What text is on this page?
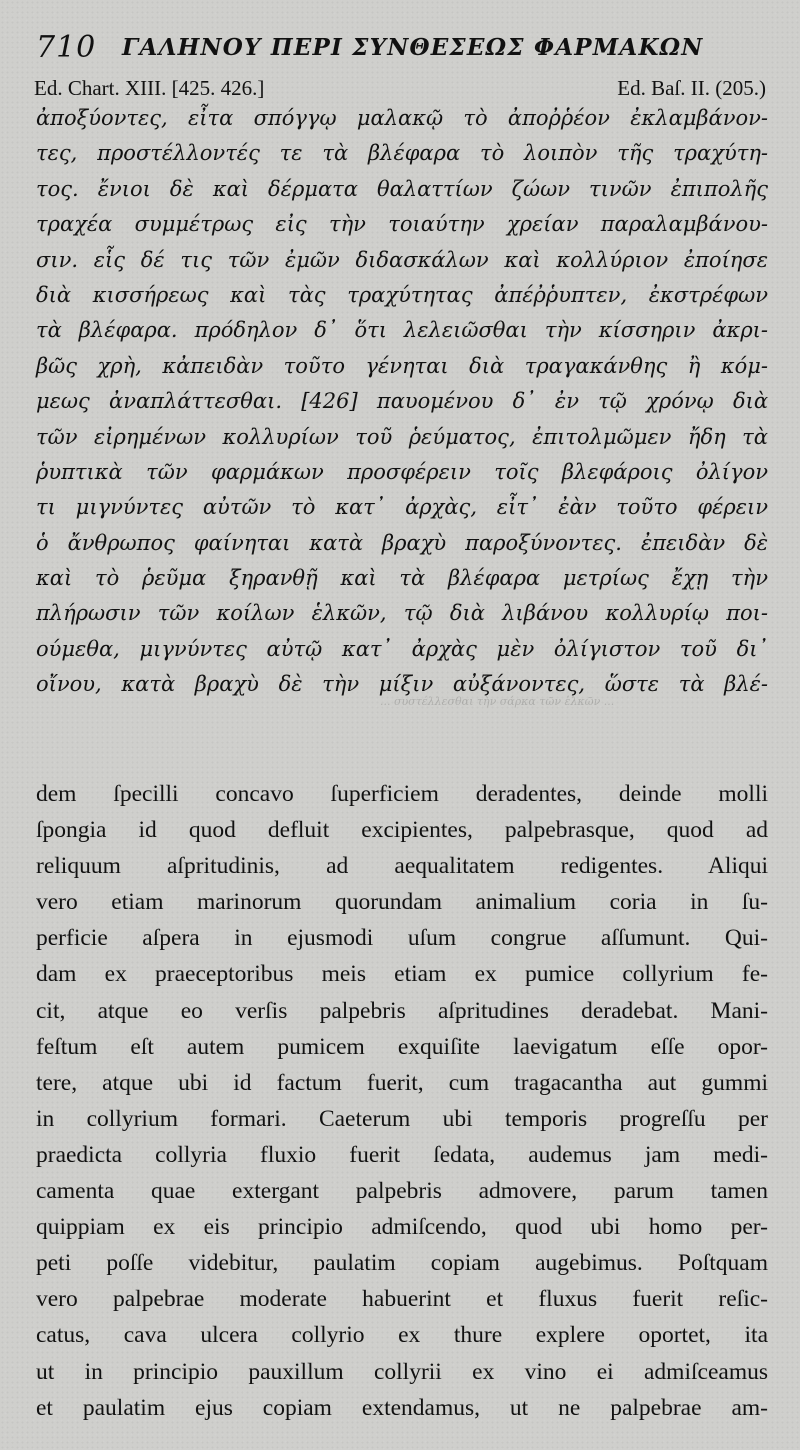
710 ΓΑΛΗΝΟΥ ΠΕΡΙ ΣΥΝΘΕΣΕΩΣ ΦΑΡΜΑΚΩΝ
Ed. Chart. XIII. [425. 426.]	Ed. Baſ. II. (205.)
ἀποξύοντες, εἶτα σπόγγῳ μαλακῷ τὸ ἀποῤῥέον ἐκλαμβάνον-
τες, προστέλλοντές τε τὰ βλέφαρα τὸ λοιπὸν τῆς τραχύτη-
τος. ἔνιοι δὲ καὶ δέρματα θαλαττίων ζώων τινῶν ἐπιπολῆς
τραχέα συμμέτρως εἰς τὴν τοιαύτην χρείαν παραλαμβάνου-
σιν. εἷς δέ τις τῶν ἐμῶν διδασκάλων καὶ κολλύριον ἐποίησε
διὰ κισσήρεως καὶ τὰς τραχύτητας ἀπέῤῥυπτεν, ἐκστρέφων
τὰ βλέφαρα. πρόδηλον δ᾽ ὅτι λελειῶσθαι τὴν κίσσηριν ἀκρι-
βῶς χρὴ, κἀπειδὰν τοῦτο γένηται διὰ τραγακάνθης ἢ κόμ-
μεως ἀναπλάττεσθαι. [426] παυομένου δ᾽ ἐν τῷ χρόνῳ διὰ
τῶν εἰρημένων κολλυρίων τοῦ ῥεύματος, ἐπιτολμῶμεν ἤδη τὰ
ῥυπτικὰ τῶν φαρμάκων προσφέρειν τοῖς βλεφάροις ὀλίγον
τι μιγνύντες αὐτῶν τὸ κατ᾽ ἀρχὰς, εἶτ᾽ ἐὰν τοῦτο φέρειν
ὁ ἄνθρωπος φαίνηται κατὰ βραχὺ παροξύνοντες. ἐπειδὰν δὲ
καὶ τὸ ῥεῦμα ξηρανθῇ καὶ τὰ βλέφαρα μετρίως ἔχῃ τὴν
πλήρωσιν τῶν κοίλων ἑλκῶν, τῷ διὰ λιβάνου κολλυρίῳ ποι-
ούμεθα, μιγνύντες αὐτῷ κατ᾽ ἀρχὰς μὲν ὀλίγιστον τοῦ δι᾽
οἴνου, κατὰ βραχὺ δὲ τὴν μίξιν αὐξάνοντες, ὥστε τὰ βλέ-
... συστέλλεσθαι τὴν σάρκα τῶν ἑλκῶν ...
dem ſpecilli concavo ſuperficiem deradentes, deinde molli
ſpongia id quod defluit excipientes, palpebrasque, quod ad
reliquum aſpritudinis, ad aequalitatem redigentes. Aliqui
vero etiam marinorum quorundam animalium coria in ſu-
perficie aſpera in ejusmodi uſum congrue aſſumunt. Qui-
dam ex praeceptoribus meis etiam ex pumice collyrium fe-
cit, atque eo verſis palpebris aſpritudines deradebat. Mani-
feſtum eſt autem pumicem exquiſite laevigatum eſſe opor-
tere, atque ubi id factum fuerit, cum tragacantha aut gummi
in collyrium formari. Caeterum ubi temporis progreſſu per
praedicta collyria fluxio fuerit ſedata, audemus jam medi-
camenta quae extergant palpebris admovere, parum tamen
quippiam ex eis principio admiſcendo, quod ubi homo per-
peti poſſe videbitur, paulatim copiam augebimus. Poſtquam
vero palpebrae moderate habuerint et fluxus fuerit reſic-
catus, cava ulcera collyrio ex thure explere oportet, ita
ut in principio pauxillum collyrii ex vino ei admiſceamus
et paulatim ejus copiam extendamus, ut ne palpebrae am-
